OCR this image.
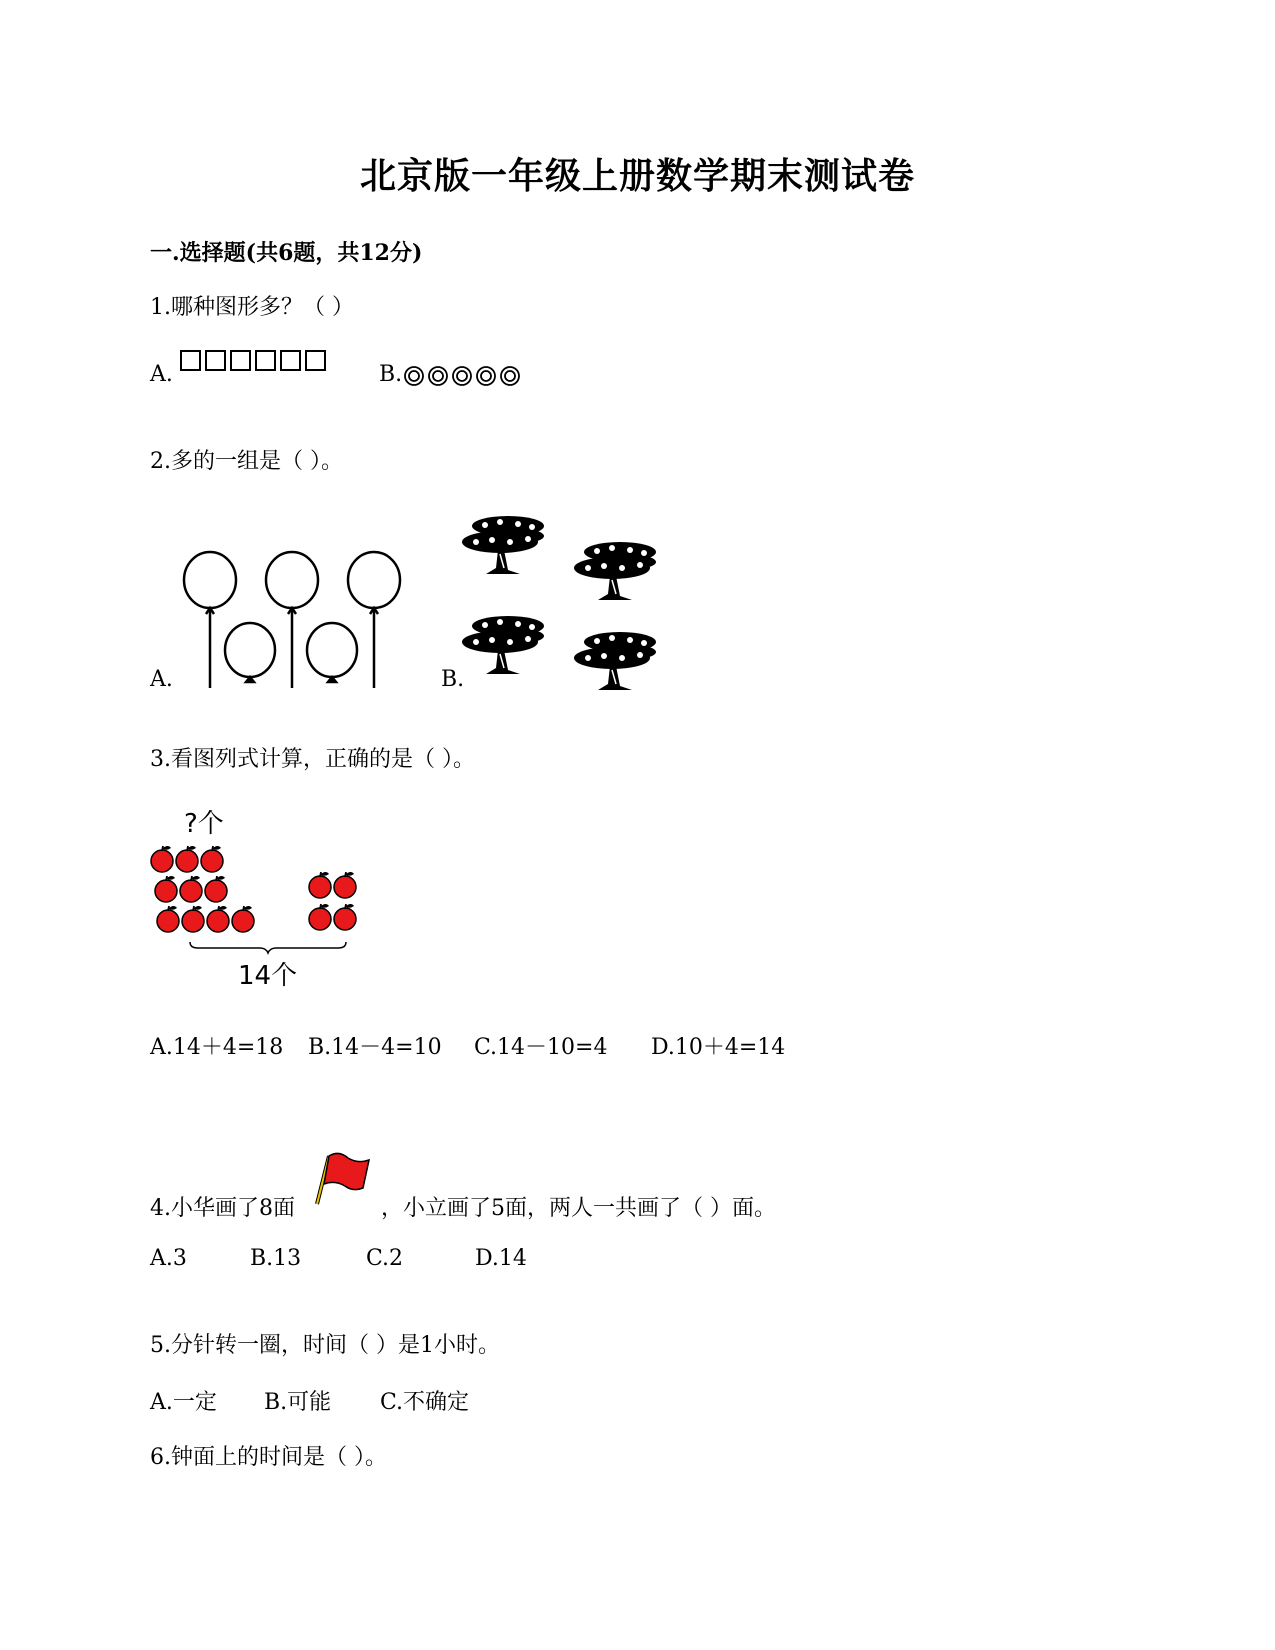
北京版一年级上册数学期末测试卷
一.选择题(共6题，共12分)
1.哪种图形多？（ ）
A.	B.
2.多的一组是（ ）。
A.	B.
3.看图列式计算，正确的是（ ）。
?个
14个
A.14＋4=18 B.14－4=10 C.14－10=4 D.10＋4=14
4.小华画了8面	，小立画了5面，两人一共画了（ ）面。
A.3	B.13	C.2	D.14
5.分针转一圈，时间（ ）是1小时。
A.一定 B.可能 C.不确定
6.钟面上的时间是（ ）。
